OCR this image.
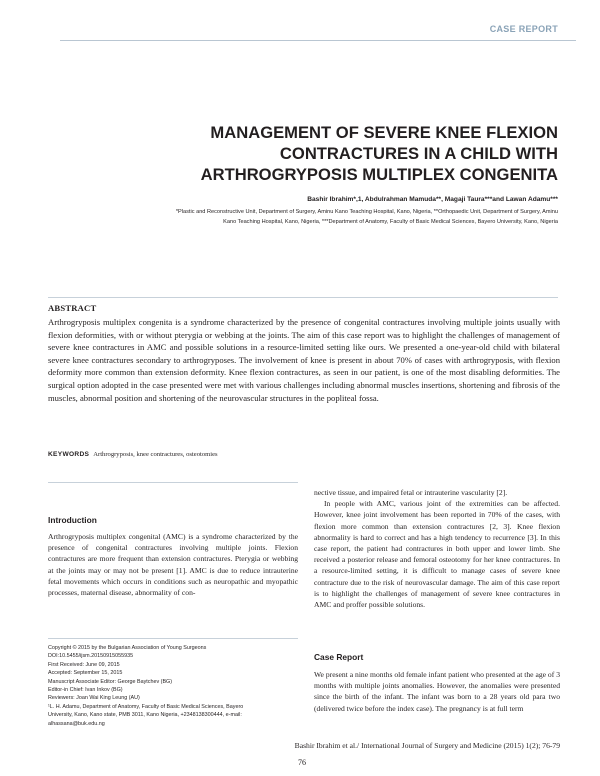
CASE REPORT
MANAGEMENT OF SEVERE KNEE FLEXION
CONTRACTURES IN A CHILD WITH
ARTHROGRYPOSIS MULTIPLEX CONGENITA
Bashir Ibrahim*,1, Abdulrahman Mamuda**, Magaji Taura***and Lawan Adamu***
*Plastic and Reconstructive Unit, Department of Surgery, Aminu Kano Teaching Hospital, Kano, Nigeria, **Orthopaedic Unit, Department of Surgery, Aminu
Kano Teaching Hospital, Kano, Nigeria, ***Department of Anatomy, Faculty of Basic Medical Sciences, Bayero University, Kano, Nigeria
ABSTRACT
Arthrogryposis multiplex congenita is a syndrome characterized by the presence of congenital contractures involving multiple joints usually with flexion deformities, with or without pterygia or webbing at the joints. The aim of this case report was to highlight the challenges of management of severe knee contractures in AMC and possible solutions in a resource-limited setting like ours. We presented a one-year-old child with bilateral severe knee contractures secondary to arthrogryposes. The involvement of knee is present in about 70% of cases with arthrogryposis, with flexion deformity more common than extension deformity. Knee flexion contractures, as seen in our patient, is one of the most disabling deformities. The surgical option adopted in the case presented were met with various challenges including abnormal muscles insertions, shortening and fibrosis of the muscles, abnormal position and shortening of the neurovascular structures in the popliteal fossa.
KEYWORDS Arthrogryposis, knee contractures, osteotomies
Introduction

Arthrogryposis multiplex congenital (AMC) is a syndrome characterized by the presence of congenital contractures involving multiple joints. Flexion contractures are more frequent than extension contractures. Pterygia or webbing at the joints may or may not be present [1]. AMC is due to reduce intrauterine fetal movements which occurs in conditions such as neuropathic and myopathic processes, maternal disease, abnormality of con-

Copyright © 2015 by the Bulgarian Association of Young Surgeons
DOI:10.5455/ijsm.20150915055935
First Received: June 09, 2015
Accepted: September 15, 2015
Manuscript Associate Editor: George Baytchev (BG)
Editor-in Chief: Ivan Inkov (BG)
Reviewers: Joan Wai King Leung (AU)
¹L. H. Adamu, Department of Anatomy, Faculty of Basic Medical Sciences, Bayero
University, Kano, Kano state, PMB 3011, Kano Nigeria, +2348138300444, e-mail:
alhassana@buk.edu.ng

nective tissue, and impaired fetal or intrauterine vascularity [2].

In people with AMC, various joint of the extremities can be affected. However, knee joint involvement has been reported in 70% of the cases, with flexion more common than extension contractures [2, 3]. Knee flexion abnormality is hard to correct and has a high tendency to recurrence [3]. In this case report, the patient had contractures in both upper and lower limb. She received a posterior release and femoral osteotomy for her knee contractures. In a resource-limited setting, it is difficult to manage cases of severe knee contracture due to the risk of neurovascular damage. The aim of this case report is to highlight the challenges of management of severe knee contractures in AMC and proffer possible solutions.

Case Report

We present a nine months old female infant patient who presented at the age of 3 months with multiple joints anomalies. However, the anomalies were presented since the birth of the infant. The infant was born to a 28 years old para two (delivered twice before the index case). The pregnancy is at full term

Bashir Ibrahim et al./ International Journal of Surgery and Medicine (2015) 1(2); 76-79
76
